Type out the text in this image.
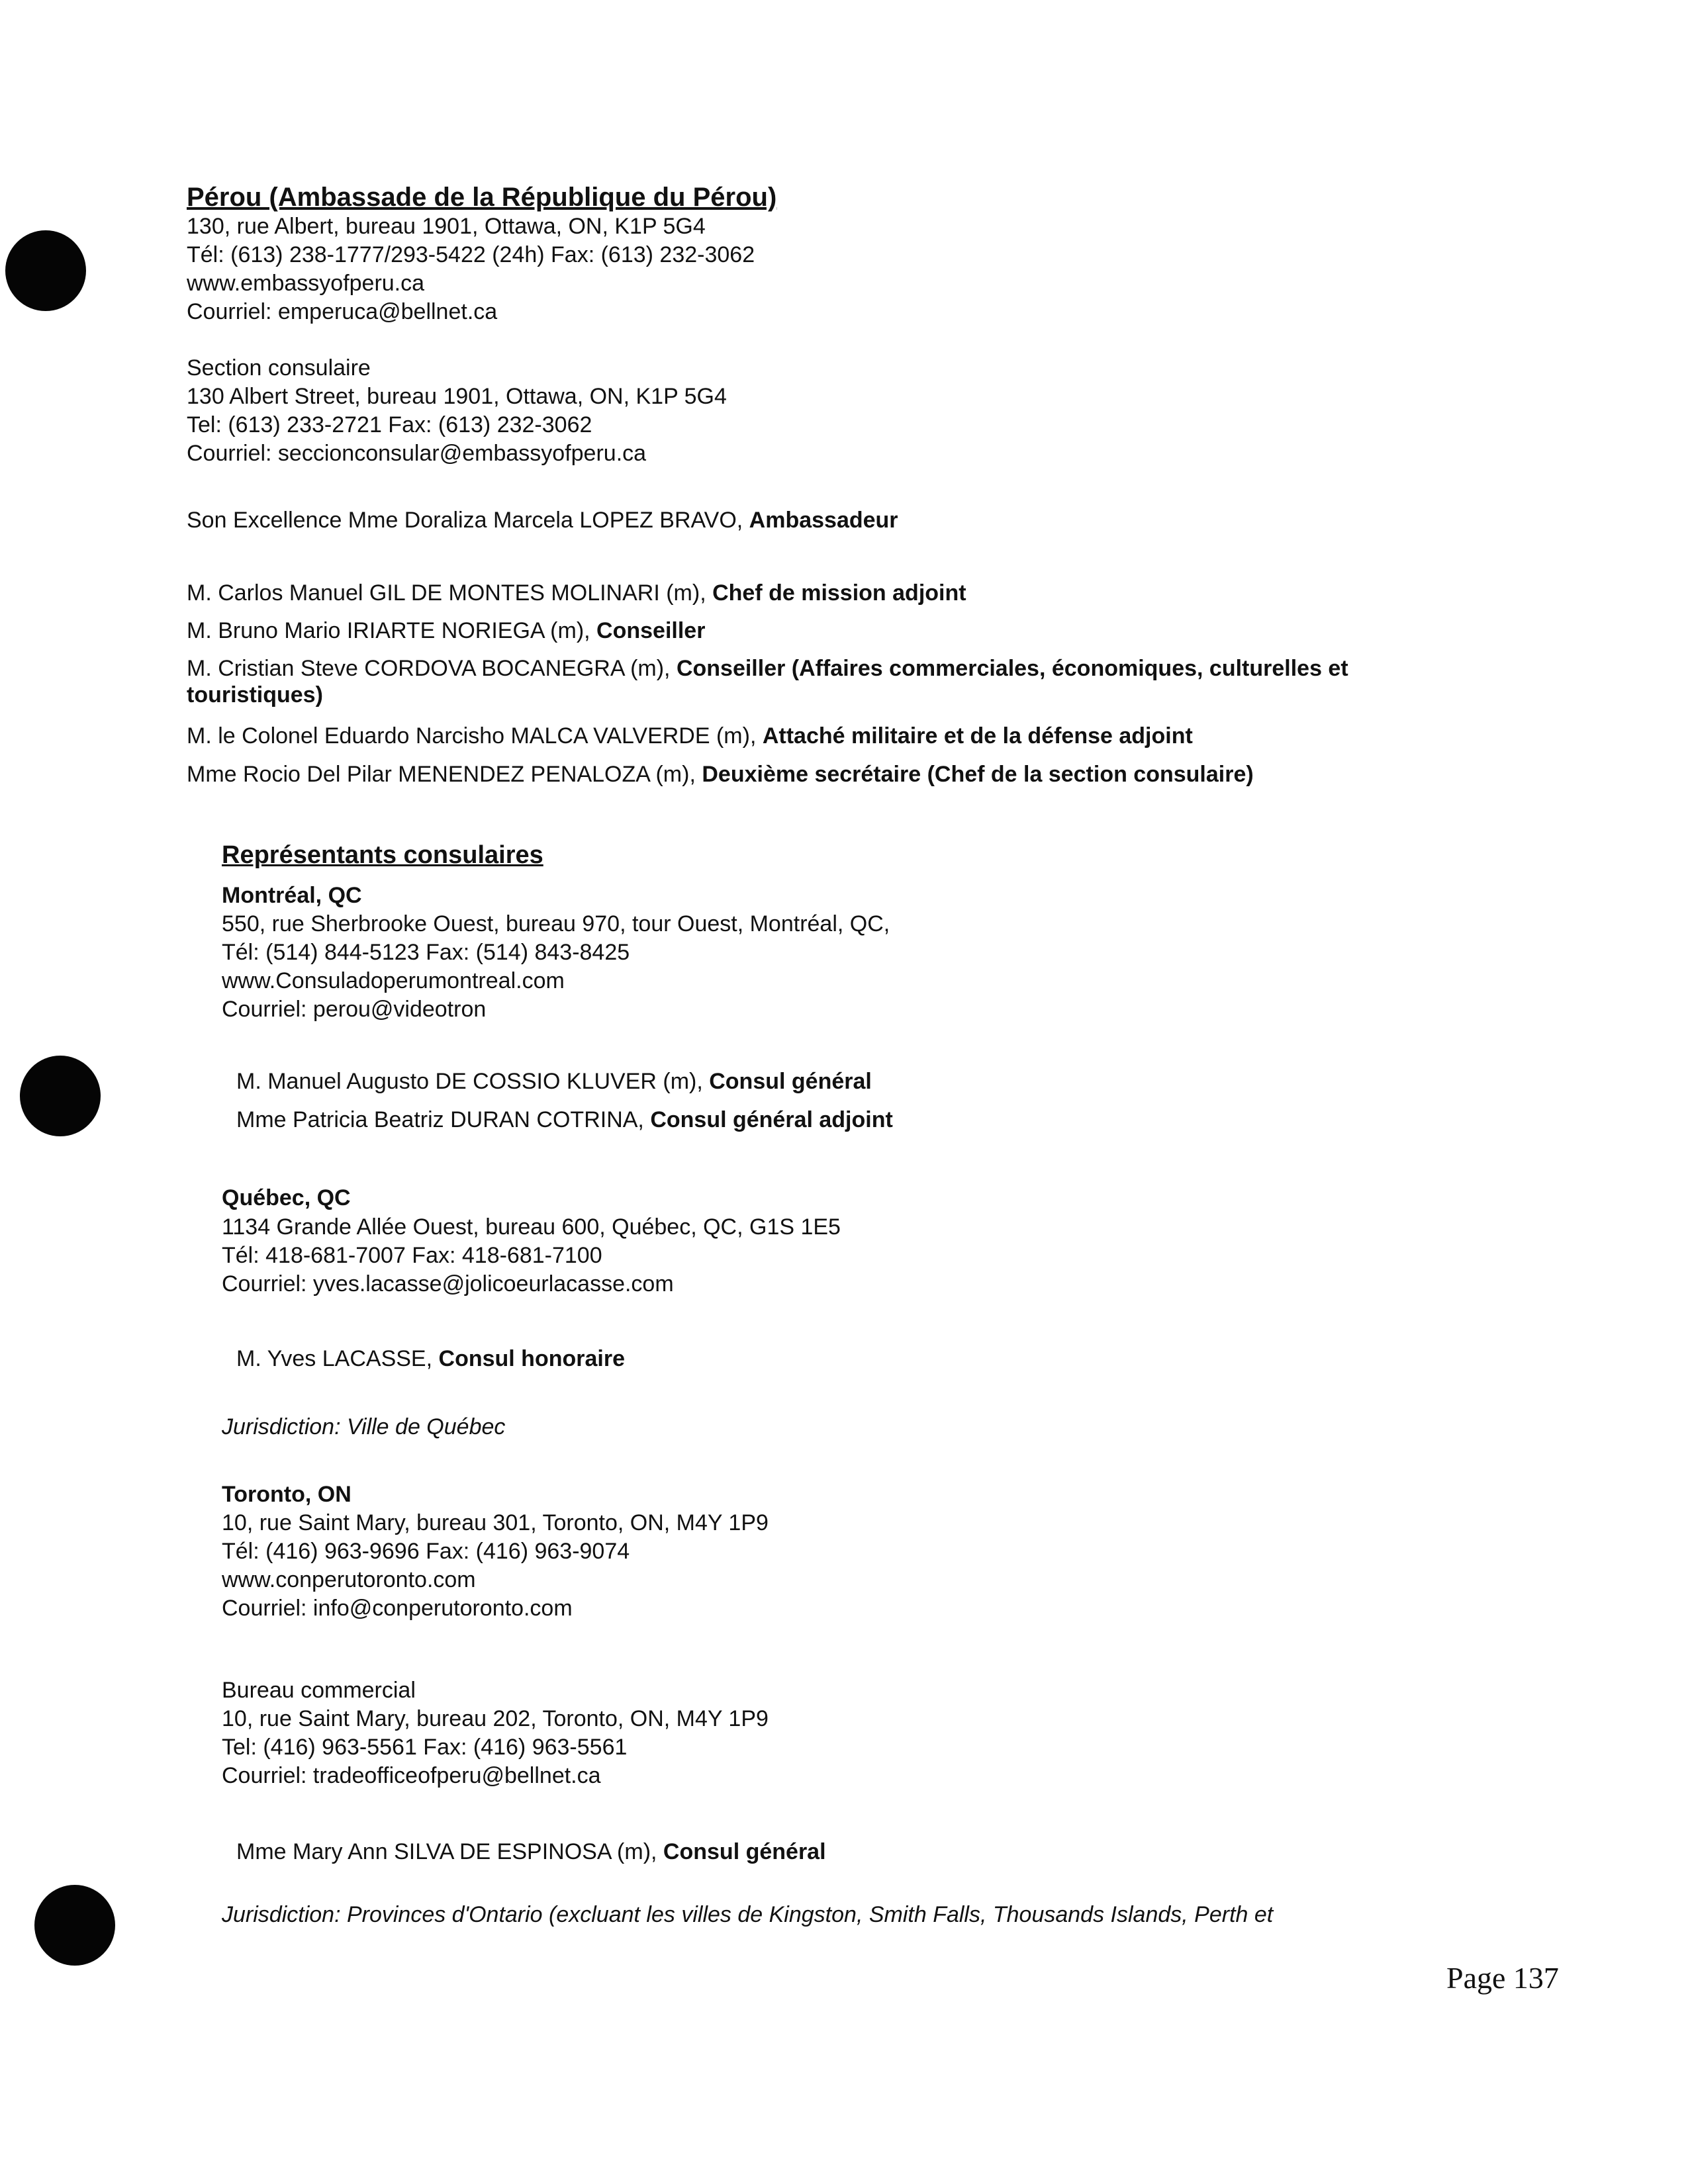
Pérou (Ambassade de la République du Pérou)
130, rue Albert, bureau 1901, Ottawa, ON, K1P 5G4
Tél: (613) 238-1777/293-5422 (24h) Fax: (613) 232-3062
www.embassyofperu.ca
Courriel: emperuca@bellnet.ca
Section consulaire
130 Albert Street, bureau 1901, Ottawa, ON, K1P 5G4
Tel: (613) 233-2721 Fax: (613) 232-3062
Courriel: seccionconsular@embassyofperu.ca
Son Excellence Mme Doraliza Marcela LOPEZ BRAVO, Ambassadeur
M. Carlos Manuel GIL DE MONTES MOLINARI (m), Chef de mission adjoint
M. Bruno Mario IRIARTE NORIEGA (m), Conseiller
M. Cristian Steve CORDOVA BOCANEGRA (m), Conseiller (Affaires commerciales, économiques, culturelles et touristiques)
M. le Colonel Eduardo Narcisho MALCA VALVERDE (m), Attaché militaire et de la défense adjoint
Mme Rocio Del Pilar MENENDEZ PENALOZA (m), Deuxième secrétaire (Chef de la section consulaire)
Représentants consulaires
Montréal, QC
550, rue Sherbrooke Ouest, bureau 970, tour Ouest, Montréal, QC,
Tél: (514) 844-5123 Fax: (514) 843-8425
www.Consuladoperumontreal.com
Courriel: perou@videotron
M. Manuel Augusto DE COSSIO KLUVER (m), Consul général
Mme Patricia Beatriz DURAN COTRINA, Consul général adjoint
Québec, QC
1134 Grande Allée Ouest, bureau 600, Québec, QC, G1S 1E5
Tél: 418-681-7007 Fax: 418-681-7100
Courriel: yves.lacasse@jolicoeurlacasse.com
M. Yves LACASSE, Consul honoraire
Jurisdiction: Ville de Québec
Toronto, ON
10, rue Saint Mary, bureau 301, Toronto, ON, M4Y 1P9
Tél: (416) 963-9696 Fax: (416) 963-9074
www.conperutoronto.com
Courriel: info@conperutoronto.com
Bureau commercial
10, rue Saint Mary, bureau 202, Toronto, ON, M4Y 1P9
Tel: (416) 963-5561 Fax: (416) 963-5561
Courriel: tradeofficeofperu@bellnet.ca
Mme Mary Ann SILVA DE ESPINOSA (m), Consul général
Jurisdiction: Provinces d'Ontario (excluant les villes de Kingston, Smith Falls, Thousands Islands, Perth et
Page 137
